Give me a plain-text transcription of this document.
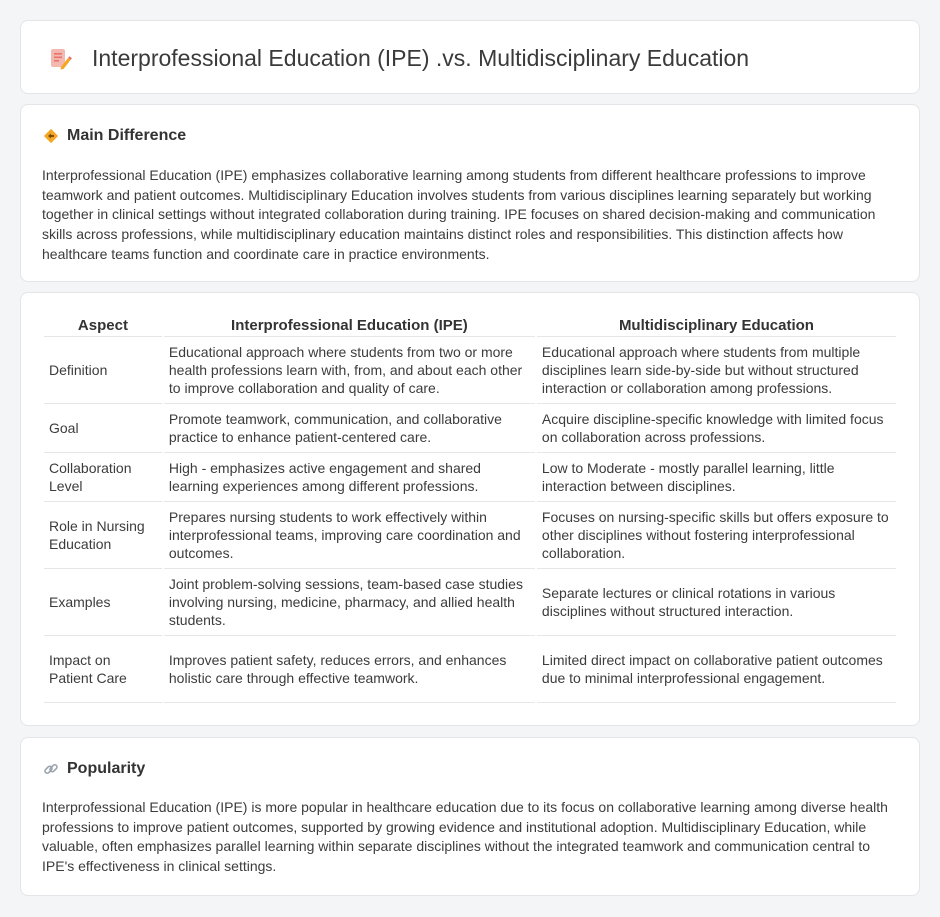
Interprofessional Education (IPE) .vs. Multidisciplinary Education
Main Difference

Interprofessional Education (IPE) emphasizes collaborative learning among students from different healthcare professions to improve teamwork and patient outcomes. Multidisciplinary Education involves students from various disciplines learning separately but working together in clinical settings without integrated collaboration during training. IPE focuses on shared decision-making and communication skills across professions, while multidisciplinary education maintains distinct roles and responsibilities. This distinction affects how healthcare teams function and coordinate care in practice environments.

Aspect	Interprofessional Education (IPE)	Multidisciplinary Education
Definition	Educational approach where students from two or more health professions learn with, from, and about each other to improve collaboration and quality of care.	Educational approach where students from multiple disciplines learn side-by-side but without structured interaction or collaboration among professions.
Goal	Promote teamwork, communication, and collaborative practice to enhance patient-centered care.	Acquire discipline-specific knowledge with limited focus on collaboration across professions.
Collaboration Level	High - emphasizes active engagement and shared learning experiences among different professions.	Low to Moderate - mostly parallel learning, little interaction between disciplines.
Role in Nursing Education	Prepares nursing students to work effectively within interprofessional teams, improving care coordination and outcomes.	Focuses on nursing-specific skills but offers exposure to other disciplines without fostering interprofessional collaboration.
Examples	Joint problem-solving sessions, team-based case studies involving nursing, medicine, pharmacy, and allied health students.	Separate lectures or clinical rotations in various disciplines without structured interaction.
Impact on Patient Care	Improves patient safety, reduces errors, and enhances holistic care through effective teamwork.	Limited direct impact on collaborative patient outcomes due to minimal interprofessional engagement.
Popularity

Interprofessional Education (IPE) is more popular in healthcare education due to its focus on collaborative learning among diverse health professions to improve patient outcomes, supported by growing evidence and institutional adoption. Multidisciplinary Education, while valuable, often emphasizes parallel learning within separate disciplines without the integrated teamwork and communication central to IPE's effectiveness in clinical settings.
